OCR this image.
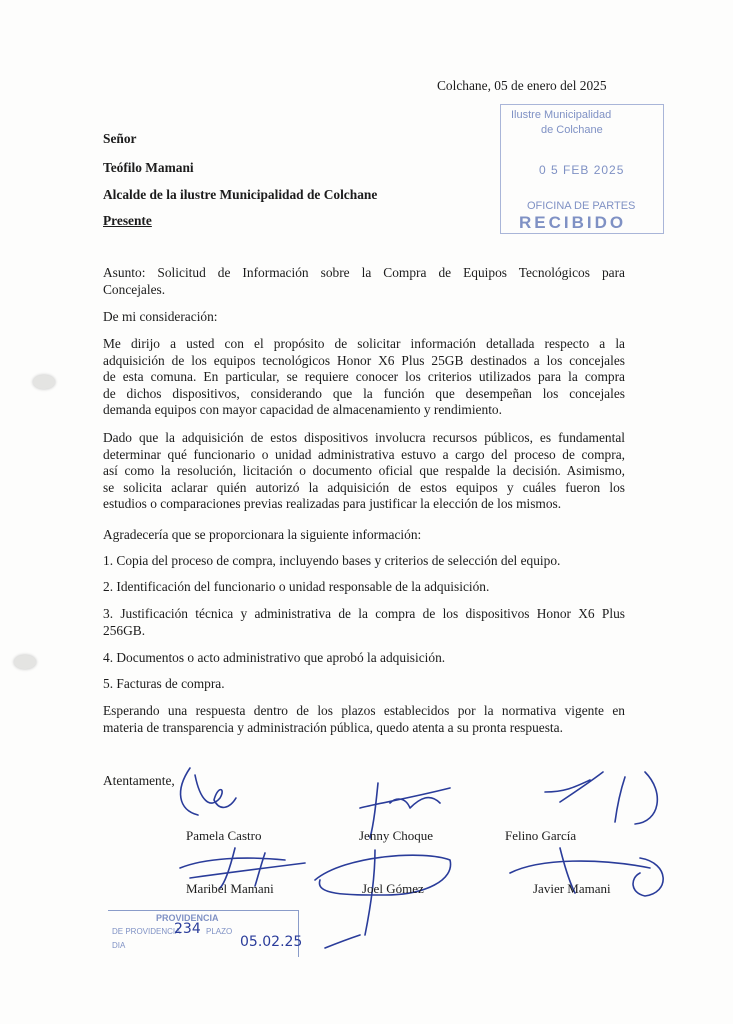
Colchane, 05 de enero del 2025
Señor
Teófilo Mamani
Alcalde de la ilustre Municipalidad de Colchane
Presente
Ilustre Municipalidad
de Colchane
0 5 FEB 2025
OFICINA DE PARTES
RECIBIDO
Asunto: Solicitud de Información sobre la Compra de Equipos Tecnológicos para
Concejales.
De mi consideración:
Me dirijo a usted con el propósito de solicitar información detallada respecto a la
adquisición de los equipos tecnológicos Honor X6 Plus 25GB destinados a los concejales
de esta comuna. En particular, se requiere conocer los criterios utilizados para la compra
de dichos dispositivos, considerando que la función que desempeñan los concejales
demanda equipos con mayor capacidad de almacenamiento y rendimiento.
Dado que la adquisición de estos dispositivos involucra recursos públicos, es fundamental
determinar qué funcionario o unidad administrativa estuvo a cargo del proceso de compra,
así como la resolución, licitación o documento oficial que respalde la decisión. Asimismo,
se solicita aclarar quién autorizó la adquisición de estos equipos y cuáles fueron los
estudios o comparaciones previas realizadas para justificar la elección de los mismos.
Agradecería que se proporcionara la siguiente información:
1. Copia del proceso de compra, incluyendo bases y criterios de selección del equipo.
2. Identificación del funcionario o unidad responsable de la adquisición.
3. Justificación técnica y administrativa de la compra de los dispositivos Honor X6 Plus
256GB.
4. Documentos o acto administrativo que aprobó la adquisición.
5. Facturas de compra.
Esperando una respuesta dentro de los plazos establecidos por la normativa vigente en
materia de transparencia y administración pública, quedo atenta a su pronta respuesta.
Atentamente,
Pamela Castro	Jenny Choque	Felino García
Maribel Mamani	Joel Gómez	Javier Mamani
PROVIDENCIA
DE PROVIDENCIA
234 PLAZO
DIA	05.02.25
